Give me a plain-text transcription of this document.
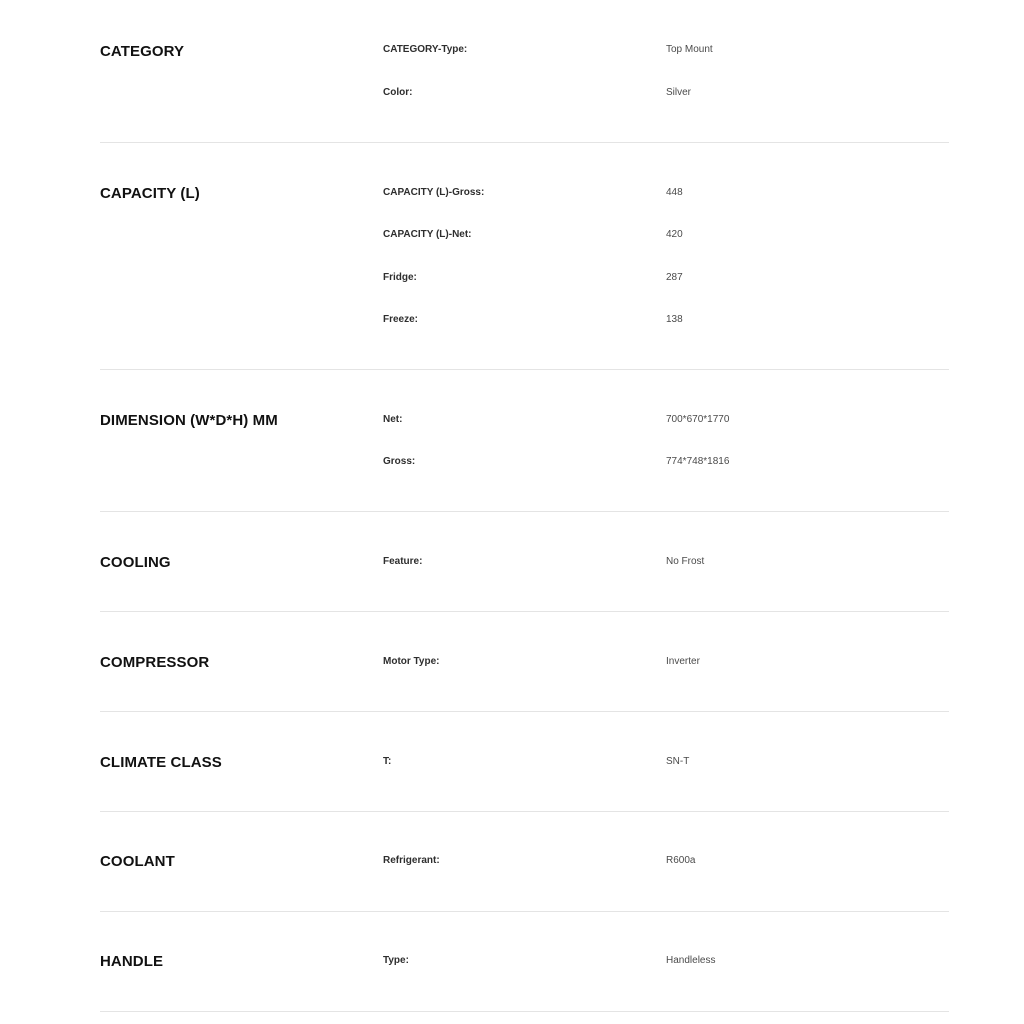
CATEGORY	CATEGORY-Type:	Top Mount
Color:	Silver
CAPACITY (L)	CAPACITY (L)-Gross:	448
CAPACITY (L)-Net:	420
Fridge:	287
Freeze:	138
DIMENSION (W*D*H) MM	Net:	700*670*1770
Gross:	774*748*1816
COOLING	Feature:	No Frost
COMPRESSOR	Motor Type:	Inverter
CLIMATE CLASS	T:	SN-T
COOLANT	Refrigerant:	R600a
HANDLE	Type:	Handleless
